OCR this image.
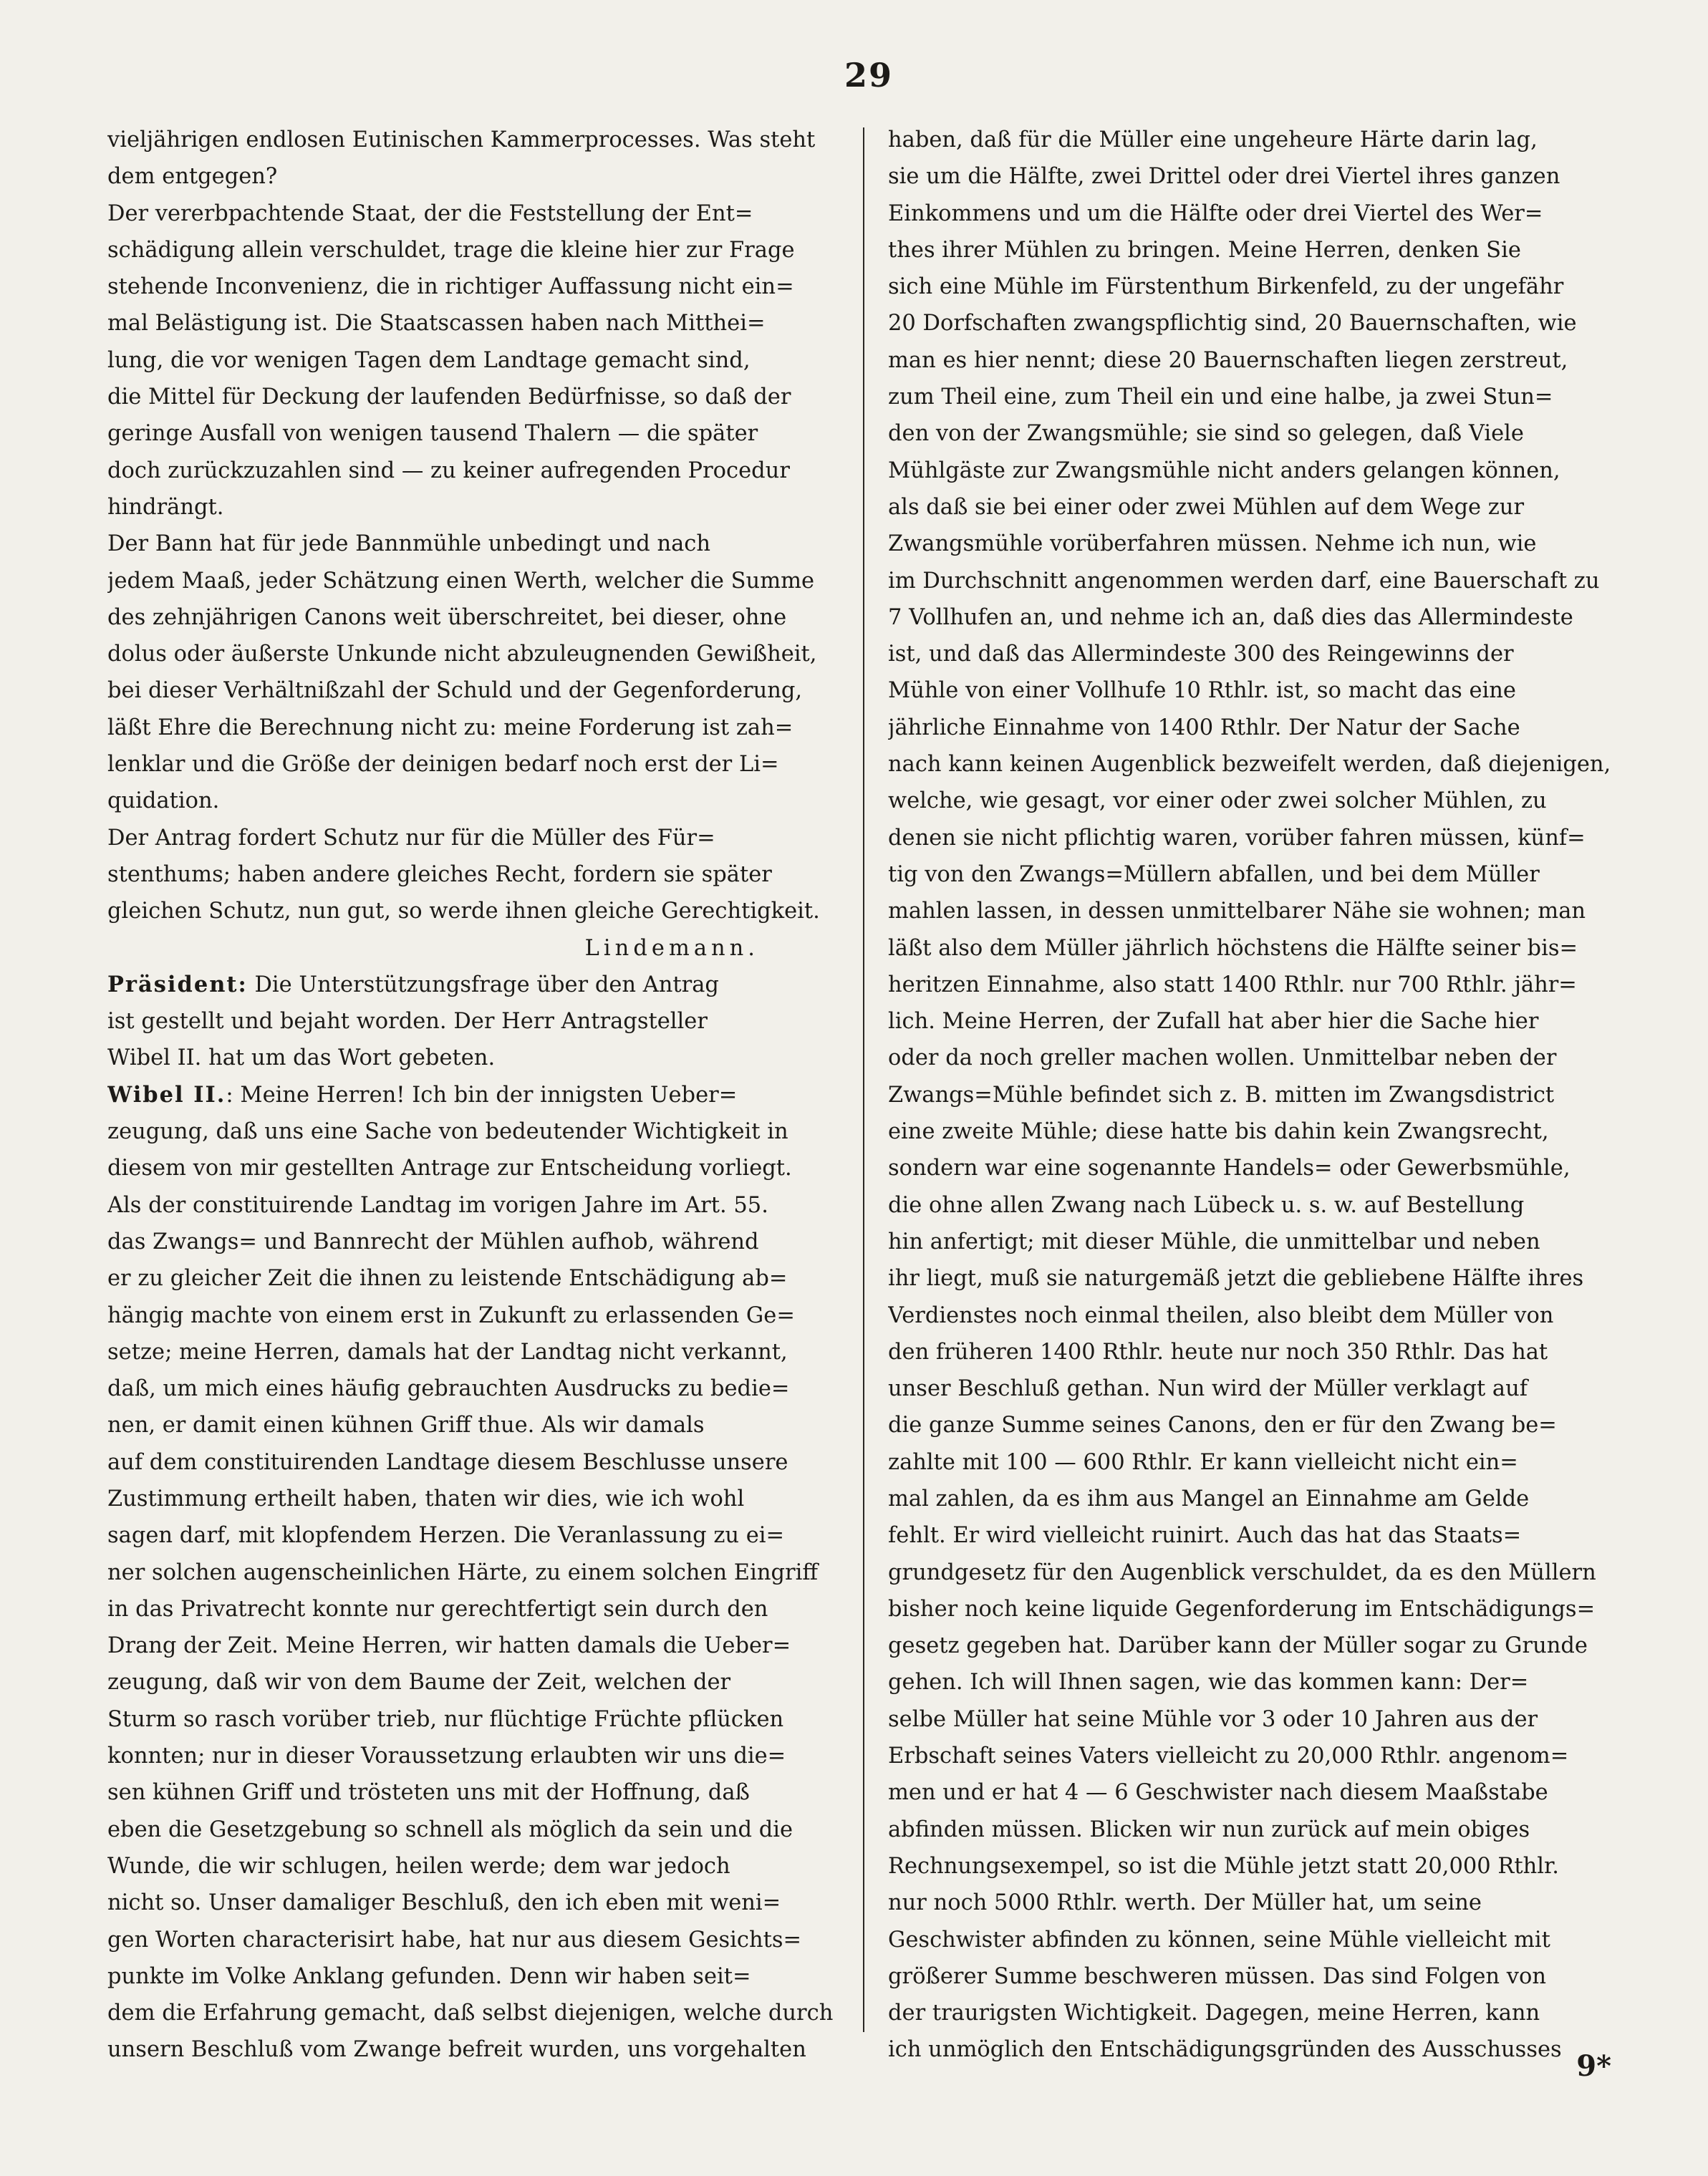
29
vieljährigen endlosen Eutinischen Kammerprocesses. Was steht
dem entgegen?
Der vererbpachtende Staat, der die Feststellung der Ent=
schädigung allein verschuldet, trage die kleine hier zur Frage
stehende Inconvenienz, die in richtiger Auffassung nicht ein=
mal Belästigung ist. Die Staatscassen haben nach Mitthei=
lung, die vor wenigen Tagen dem Landtage gemacht sind,
die Mittel für Deckung der laufenden Bedürfnisse, so daß der
geringe Ausfall von wenigen tausend Thalern — die später
doch zurückzuzahlen sind — zu keiner aufregenden Procedur
hindrängt.
Der Bann hat für jede Bannmühle unbedingt und nach
jedem Maaß, jeder Schätzung einen Werth, welcher die Summe
des zehnjährigen Canons weit überschreitet, bei dieser, ohne
dolus oder äußerste Unkunde nicht abzuleugnenden Gewißheit,
bei dieser Verhältnißzahl der Schuld und der Gegenforderung,
läßt Ehre die Berechnung nicht zu: meine Forderung ist zah=
lenklar und die Größe der deinigen bedarf noch erst der Li=
quidation.
Der Antrag fordert Schutz nur für die Müller des Für=
stenthums; haben andere gleiches Recht, fordern sie später
gleichen Schutz, nun gut, so werde ihnen gleiche Gerechtigkeit.
Lindemann.
Präsident: Die Unterstützungsfrage über den Antrag
ist gestellt und bejaht worden. Der Herr Antragsteller
Wibel II. hat um das Wort gebeten.
Wibel II.: Meine Herren! Ich bin der innigsten Ueber=
zeugung, daß uns eine Sache von bedeutender Wichtigkeit in
diesem von mir gestellten Antrage zur Entscheidung vorliegt.
Als der constituirende Landtag im vorigen Jahre im Art. 55.
das Zwangs= und Bannrecht der Mühlen aufhob, während
er zu gleicher Zeit die ihnen zu leistende Entschädigung ab=
hängig machte von einem erst in Zukunft zu erlassenden Ge=
setze; meine Herren, damals hat der Landtag nicht verkannt,
daß, um mich eines häufig gebrauchten Ausdrucks zu bedie=
nen, er damit einen kühnen Griff thue. Als wir damals
auf dem constituirenden Landtage diesem Beschlusse unsere
Zustimmung ertheilt haben, thaten wir dies, wie ich wohl
sagen darf, mit klopfendem Herzen. Die Veranlassung zu ei=
ner solchen augenscheinlichen Härte, zu einem solchen Eingriff
in das Privatrecht konnte nur gerechtfertigt sein durch den
Drang der Zeit. Meine Herren, wir hatten damals die Ueber=
zeugung, daß wir von dem Baume der Zeit, welchen der
Sturm so rasch vorüber trieb, nur flüchtige Früchte pflücken
konnten; nur in dieser Voraussetzung erlaubten wir uns die=
sen kühnen Griff und trösteten uns mit der Hoffnung, daß
eben die Gesetzgebung so schnell als möglich da sein und die
Wunde, die wir schlugen, heilen werde; dem war jedoch
nicht so. Unser damaliger Beschluß, den ich eben mit weni=
gen Worten characterisirt habe, hat nur aus diesem Gesichts=
punkte im Volke Anklang gefunden. Denn wir haben seit=
dem die Erfahrung gemacht, daß selbst diejenigen, welche durch
unsern Beschluß vom Zwange befreit wurden, uns vorgehalten
haben, daß für die Müller eine ungeheure Härte darin lag,
sie um die Hälfte, zwei Drittel oder drei Viertel ihres ganzen
Einkommens und um die Hälfte oder drei Viertel des Wer=
thes ihrer Mühlen zu bringen. Meine Herren, denken Sie
sich eine Mühle im Fürstenthum Birkenfeld, zu der ungefähr
20 Dorfschaften zwangspflichtig sind, 20 Bauernschaften, wie
man es hier nennt; diese 20 Bauernschaften liegen zerstreut,
zum Theil eine, zum Theil ein und eine halbe, ja zwei Stun=
den von der Zwangsmühle; sie sind so gelegen, daß Viele
Mühlgäste zur Zwangsmühle nicht anders gelangen können,
als daß sie bei einer oder zwei Mühlen auf dem Wege zur
Zwangsmühle vorüberfahren müssen. Nehme ich nun, wie
im Durchschnitt angenommen werden darf, eine Bauerschaft zu
7 Vollhufen an, und nehme ich an, daß dies das Allermindeste
ist, und daß das Allermindeste 300 des Reingewinns der
Mühle von einer Vollhufe 10 Rthlr. ist, so macht das eine
jährliche Einnahme von 1400 Rthlr. Der Natur der Sache
nach kann keinen Augenblick bezweifelt werden, daß diejenigen,
welche, wie gesagt, vor einer oder zwei solcher Mühlen, zu
denen sie nicht pflichtig waren, vorüber fahren müssen, künf=
tig von den Zwangs=Müllern abfallen, und bei dem Müller
mahlen lassen, in dessen unmittelbarer Nähe sie wohnen; man
läßt also dem Müller jährlich höchstens die Hälfte seiner bis=
heritzen Einnahme, also statt 1400 Rthlr. nur 700 Rthlr. jähr=
lich. Meine Herren, der Zufall hat aber hier die Sache hier
oder da noch greller machen wollen. Unmittelbar neben der
Zwangs=Mühle befindet sich z. B. mitten im Zwangsdistrict
eine zweite Mühle; diese hatte bis dahin kein Zwangsrecht,
sondern war eine sogenannte Handels= oder Gewerbsmühle,
die ohne allen Zwang nach Lübeck u. s. w. auf Bestellung
hin anfertigt; mit dieser Mühle, die unmittelbar und neben
ihr liegt, muß sie naturgemäß jetzt die gebliebene Hälfte ihres
Verdienstes noch einmal theilen, also bleibt dem Müller von
den früheren 1400 Rthlr. heute nur noch 350 Rthlr. Das hat
unser Beschluß gethan. Nun wird der Müller verklagt auf
die ganze Summe seines Canons, den er für den Zwang be=
zahlte mit 100 — 600 Rthlr. Er kann vielleicht nicht ein=
mal zahlen, da es ihm aus Mangel an Einnahme am Gelde
fehlt. Er wird vielleicht ruinirt. Auch das hat das Staats=
grundgesetz für den Augenblick verschuldet, da es den Müllern
bisher noch keine liquide Gegenforderung im Entschädigungs=
gesetz gegeben hat. Darüber kann der Müller sogar zu Grunde
gehen. Ich will Ihnen sagen, wie das kommen kann: Der=
selbe Müller hat seine Mühle vor 3 oder 10 Jahren aus der
Erbschaft seines Vaters vielleicht zu 20,000 Rthlr. angenom=
men und er hat 4 — 6 Geschwister nach diesem Maaßstabe
abfinden müssen. Blicken wir nun zurück auf mein obiges
Rechnungsexempel, so ist die Mühle jetzt statt 20,000 Rthlr.
nur noch 5000 Rthlr. werth. Der Müller hat, um seine
Geschwister abfinden zu können, seine Mühle vielleicht mit
größerer Summe beschweren müssen. Das sind Folgen von
der traurigsten Wichtigkeit. Dagegen, meine Herren, kann
ich unmöglich den Entschädigungsgründen des Ausschusses 9*
